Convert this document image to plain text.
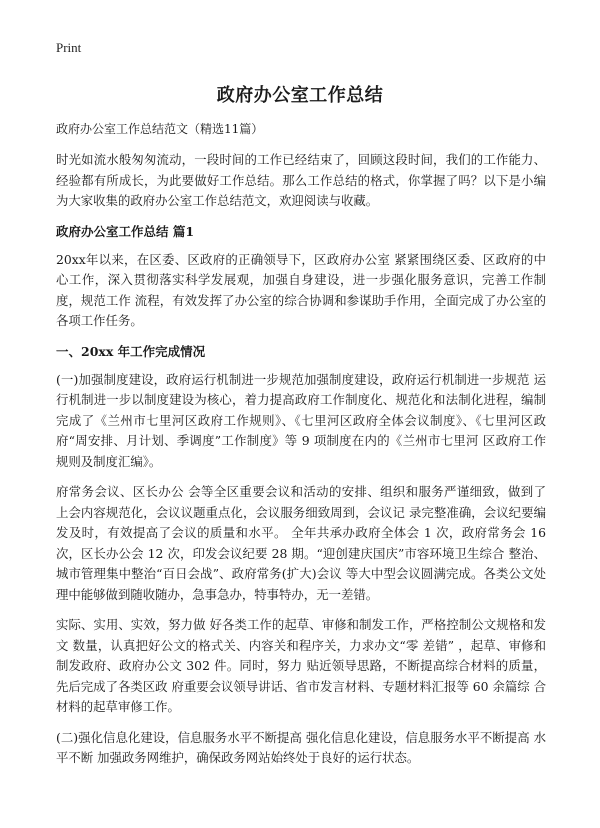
Print
政府办公室工作总结
政府办公室工作总结范文（精选11篇）

时光如流水般匆匆流动，一段时间的工作已经结束了，回顾这段时间，我们的工作能力、经验都有所成长，为此要做好工作总结。那么工作总结的格式，你掌握了吗？以下是小编为大家收集的政府办公室工作总结范文，欢迎阅读与收藏。

政府办公室工作总结 篇1

20xx年以来，在区委、区政府的正确领导下，区政府办公室 紧紧围绕区委、区政府的中心工作，深入贯彻落实科学发展观，加强自身建设，进一步强化服务意识，完善工作制度，规范工作 流程，有效发挥了办公室的综合协调和参谋助手作用，全面完成了办公室的各项工作任务。

一、20xx 年工作完成情况

(一)加强制度建设，政府运行机制进一步规范加强制度建设，政府运行机制进一步规范 运行机制进一步以制度建设为核心，着力提高政府工作制度化、规范化和法制化进程，编制完成了《兰州市七里河区政府工作规则》、《七里河区政府全体会议制度》、《七里河区政府“周安排、月计划、季调度”工作制度》等 9 项制度在内的《兰州市七里河 区政府工作规则及制度汇编》。

府常务会议、区长办公 会等全区重要会议和活动的安排、组织和服务严谨细致，做到了 上会内容规范化，会议议题重点化，会议服务细致周到，会议记 录完整准确，会议纪要编发及时，有效提高了会议的质量和水平。 全年共承办政府全体会 1 次，政府常务会 16 次，区长办公会 12 次，印发会议纪要 28 期。“迎创建庆国庆”市容环境卫生综合 整治、城市管理集中整治“百日会战”、政府常务(扩大)会议 等大中型会议圆满完成。各类公文处理中能够做到随收随办，急事急办，特事特办，无一差错。

实际、实用、实效，努力做 好各类工作的起草、审修和制发工作，严格控制公文规格和发文 数量，认真把好公文的格式关、内容关和程序关，力求办文“零 差错” ，起草、审修和制发政府、政府办公文 302 件。同时，努力 贴近领导思路，不断提高综合材料的质量，先后完成了各类区政 府重要会议领导讲话、省市发言材料、专题材料汇报等 60 余篇综 合材料的起草审修工作。

(二)强化信息化建设，信息服务水平不断提高 强化信息化建设，信息服务水平不断提高 水平不断 加强政务网维护，确保政务网站始终处于良好的运行状态。
